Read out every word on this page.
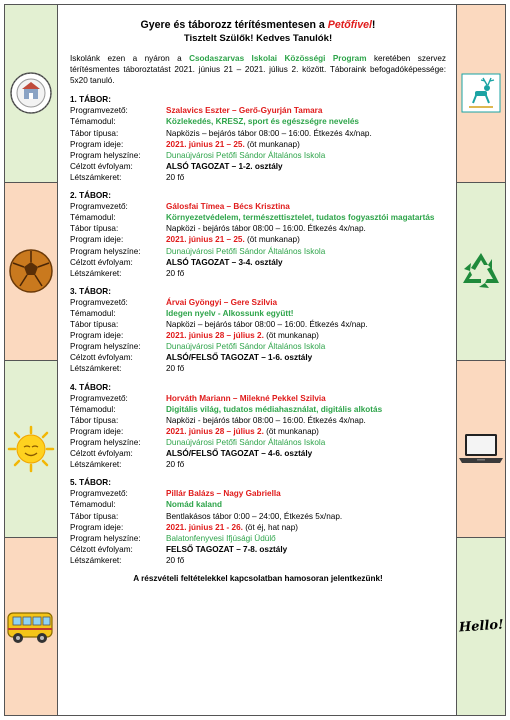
Gyere és táborozz térítésmentesen a Petőfivel!
Tisztelt Szülők! Kedves Tanulók!
Iskolánk ezen a nyáron a Csodaszarvas Iskolai Közösségi Program keretében szervez térítésmentes táboroztatást 2021. június 21 – 2021. július 2. között. Táboraink befogadóképessége: 5x20 tanuló.
1. TÁBOR:
Programvezető:	Szalavics Eszter – Gerő-Gyurján Tamara
Témamodul:	Közlekedés, KRESZ, sport és egészségre nevelés
Tábor típusa:	Napközis – bejárós tábor 08:00 – 16:00. Étkezés 4x/nap.
Program ideje:	2021. június 21 – 25. (öt munkanap)
Program helyszíne:	Dunaújvárosi Petőfi Sándor Általános Iskola
Célzott évfolyam:	ALSÓ TAGOZAT – 1-2. osztály
Létszámkeret:	20 fő
2. TÁBOR:
Programvezető:	Gálosfai Tímea – Bécs Krisztina
Témamodul:	Környezetvédelem, természettisztelet, tudatos fogyasztói magatartás
Tábor típusa:	Napközi - bejárós tábor 08:00 – 16:00. Étkezés 4x/nap.
Program ideje:	2021. június 21 – 25. (öt munkanap)
Program helyszíne:	Dunaújvárosi Petőfi Sándor Általános Iskola
Célzott évfolyam:	ALSÓ TAGOZAT – 3-4. osztály
Létszámkeret:	20 fő
3. TÁBOR:
Programvezető:	Árvai Gyöngyi – Gere Szilvia
Témamodul:	Idegen nyelv - Alkossunk együtt!
Tábor típusa:	Napközi – bejárós tábor 08:00 – 16:00. Étkezés 4x/nap.
Program ideje:	2021. június 28 – július 2. (öt munkanap)
Program helyszíne:	Dunaújvárosi Petőfi Sándor Általános Iskola
Célzott évfolyam:	ALSÓ/FELSŐ TAGOZAT – 1-6. osztály
Létszámkeret:	20 fő
4. TÁBOR:
Programvezető:	Horváth Mariann – Milekné Pekkel Szilvia
Témamodul:	Digitális világ, tudatos médiahasználat, digitális alkotás
Tábor típusa:	Napközi - bejárós tábor 08:00 – 16:00. Étkezés 4x/nap.
Program ideje:	2021. június 28 – július 2. (öt munkanap)
Program helyszíne:	Dunaújvárosi Petőfi Sándor Általános Iskola
Célzott évfolyam:	ALSÓ/FELSŐ TAGOZAT – 4-6. osztály
Létszámkeret:	20 fő
5. TÁBOR:
Programvezető:	Pillár Balázs – Nagy Gabriella
Témamodul:	Nomád kaland
Tábor típusa:	Bentlakásos tábor 0:00 – 24:00, Étkezés 5x/nap.
Program ideje:	2021. június 21 - 26. (öt éj, hat nap)
Program helyszíne:	Balatonfenyvesi Ifjúsági Üdülő
Célzott évfolyam:	FELSŐ TAGOZAT – 7-8. osztály
Létszámkeret:	20 fő
A részvételi feltételekkel kapcsolatban hamosoran jelentkezünk!
Hello!
